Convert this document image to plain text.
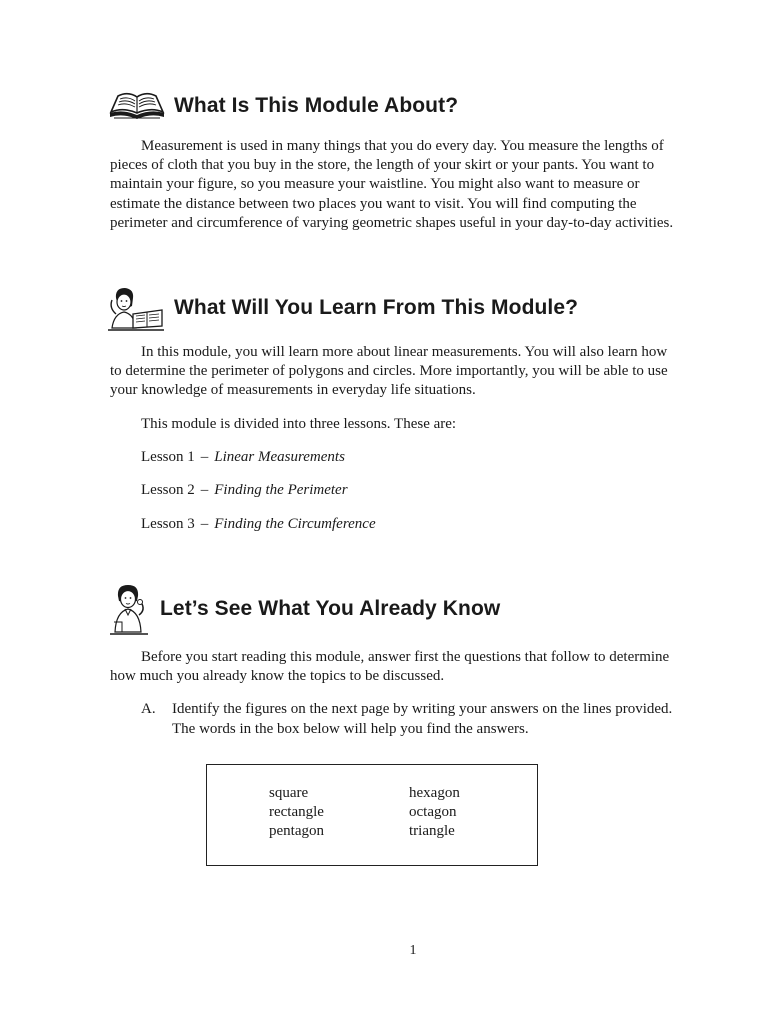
What Is This Module About?

Measurement is used in many things that you do every day. You measure the lengths of pieces of cloth that you buy in the store, the length of your skirt or your pants. You want to maintain your figure, so you measure your waistline. You might also want to measure or estimate the distance between two places you want to visit. You will find computing the perimeter and circumference of varying geometric shapes useful in your day-to-day activities.

What Will You Learn From This Module?

In this module, you will learn more about linear measurements. You will also learn how to determine the perimeter of polygons and circles. More importantly, you will be able to use your knowledge of measurements in everyday life situations.

This module is divided into three lessons. These are:

Lesson 1 – Linear Measurements

Lesson 2 – Finding the Perimeter

Lesson 3 – Finding the Circumference

Let’s See What You Already Know

Before you start reading this module, answer first the questions that follow to determine how much you already know the topics to be discussed.

A. Identify the figures on the next page by writing your answers on the lines provided. The words in the box below will help you find the answers.
square
rectangle
pentagon
hexagon
octagon
triangle
1
